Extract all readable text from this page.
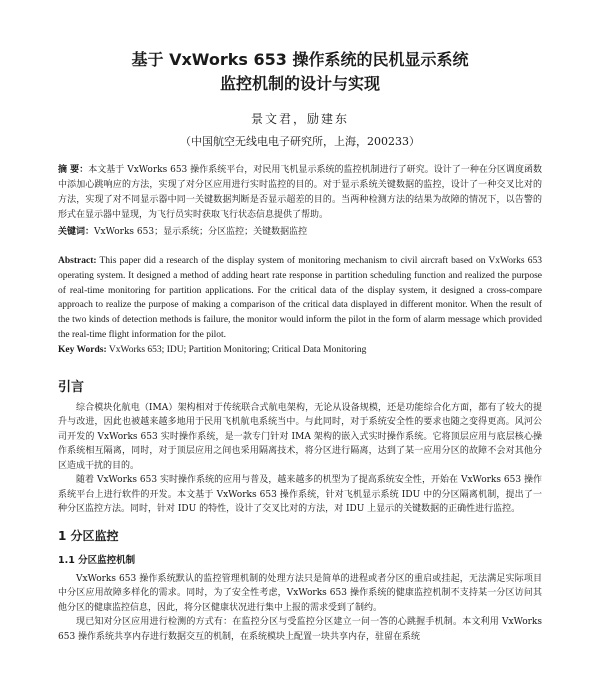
基于 VxWorks 653 操作系统的民机显示系统
监控机制的设计与实现
景文君，励建东
（中国航空无线电电子研究所，上海，200233）
摘 要：本文基于 VxWorks 653 操作系统平台，对民用飞机显示系统的监控机制进行了研究。设计了一种在分区调度函数中添加心跳响应的方法，实现了对分区应用进行实时监控的目的。对于显示系统关键数据的监控，设计了一种交叉比对的方法，实现了对不同显示器中同一关键数据判断是否显示超差的目的。当两种检测方法的结果为故障的情况下，以告警的形式在显示器中显现，为飞行员实时获取飞行状态信息提供了帮助。
关键词：VxWorks 653；显示系统；分区监控；关键数据监控
Abstract: This paper did a research of the display system of monitoring mechanism to civil aircraft based on VxWorks 653 operating system. It designed a method of adding heart rate response in partition scheduling function and realized the purpose of real-time monitoring for partition applications. For the critical data of the display system, it designed a cross-compare approach to realize the purpose of making a comparison of the critical data displayed in different monitor. When the result of the two kinds of detection methods is failure, the monitor would inform the pilot in the form of alarm message which provided the real-time flight information for the pilot.
Key Words: VxWorks 653; IDU; Partition Monitoring; Critical Data Monitoring
引言
综合模块化航电（IMA）架构相对于传统联合式航电架构，无论从设备规模，还是功能综合化方面，都有了较大的提升与改进，因此也被越来越多地用于民用飞机航电系统当中。与此同时，对于系统安全性的要求也随之变得更高。风河公司开发的 VxWorks 653 实时操作系统，是一款专门针对 IMA 架构的嵌入式实时操作系统。它将顶层应用与底层核心操作系统相互隔离，同时，对于顶层应用之间也采用隔离技术，将分区进行隔离，达到了某一应用分区的故障不会对其他分区造成干扰的目的。
随着 VxWorks 653 实时操作系统的应用与普及，越来越多的机型为了提高系统安全性，开始在 VxWorks 653 操作系统平台上进行软件的开发。本文基于 VxWorks 653 操作系统，针对飞机显示系统 IDU 中的分区隔离机制，提出了一种分区监控方法。同时，针对 IDU 的特性，设计了交叉比对的方法，对 IDU 上显示的关键数据的正确性进行监控。
1 分区监控
1.1 分区监控机制
VxWorks 653 操作系统默认的监控管理机制的处理方法只是简单的进程或者分区的重启或挂起，无法满足实际项目中分区应用故障多样化的需求。同时，为了安全性考虑，VxWorks 653 操作系统的健康监控机制不支持某一分区访问其他分区的健康监控信息，因此，将分区健康状况进行集中上报的需求受到了制约。
现已知对分区应用进行检测的方式有：在监控分区与受监控分区建立一问一答的心跳握手机制。本文利用 VxWorks 653 操作系统共享内存进行数据交互的机制，在系统模块上配置一块共享内存，驻留在系统
